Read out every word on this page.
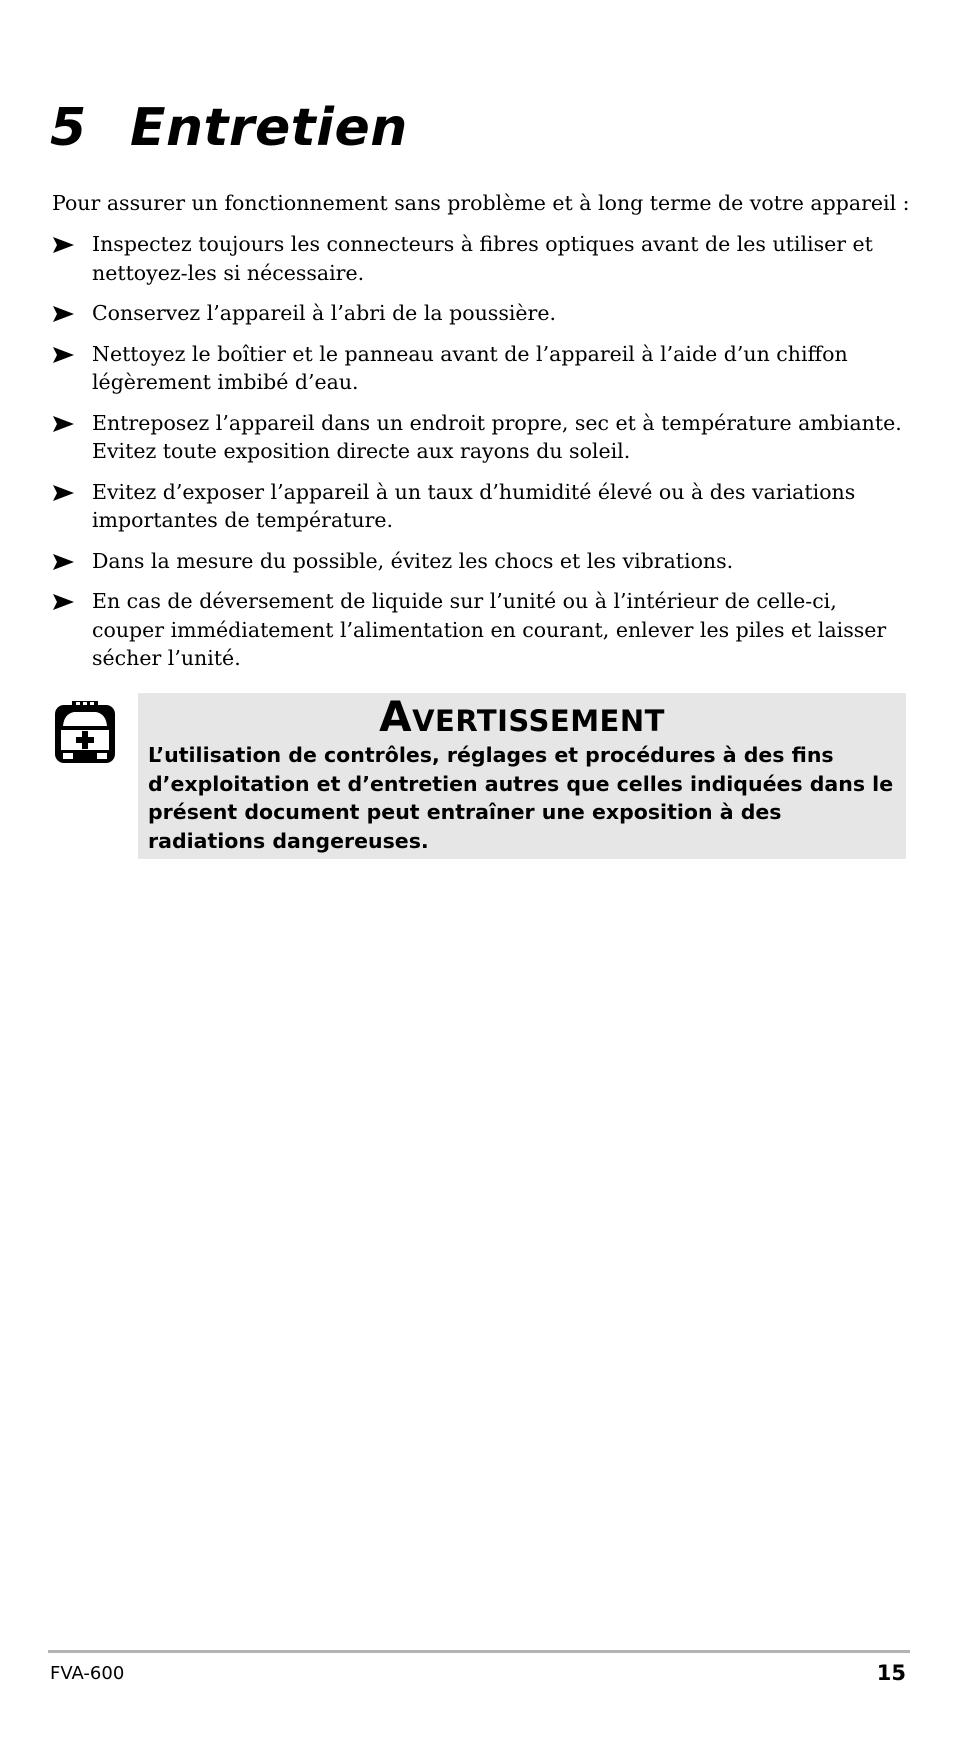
5 Entretien

Pour assurer un fonctionnement sans problème et à long terme de votre appareil :

Inspectez toujours les connecteurs à fibres optiques avant de les utiliser et nettoyez-les si nécessaire.
Conservez l’appareil à l’abri de la poussière.
Nettoyez le boîtier et le panneau avant de l’appareil à l’aide d’un chiffon légèrement imbibé d’eau.
Entreposez l’appareil dans un endroit propre, sec et à température ambiante. Evitez toute exposition directe aux rayons du soleil.
Evitez d’exposer l’appareil à un taux d’humidité élevé ou à des variations importantes de température.
Dans la mesure du possible, évitez les chocs et les vibrations.
En cas de déversement de liquide sur l’unité ou à l’intérieur de celle-ci, couper immédiatement l’alimentation en courant, enlever les piles et laisser sécher l’unité.
Avertissement

L’utilisation de contrôles, réglages et procédures à des fins d’exploitation et d’entretien autres que celles indiquées dans le présent document peut entraîner une exposition à des radiations dangereuses.

FVA-600	15
